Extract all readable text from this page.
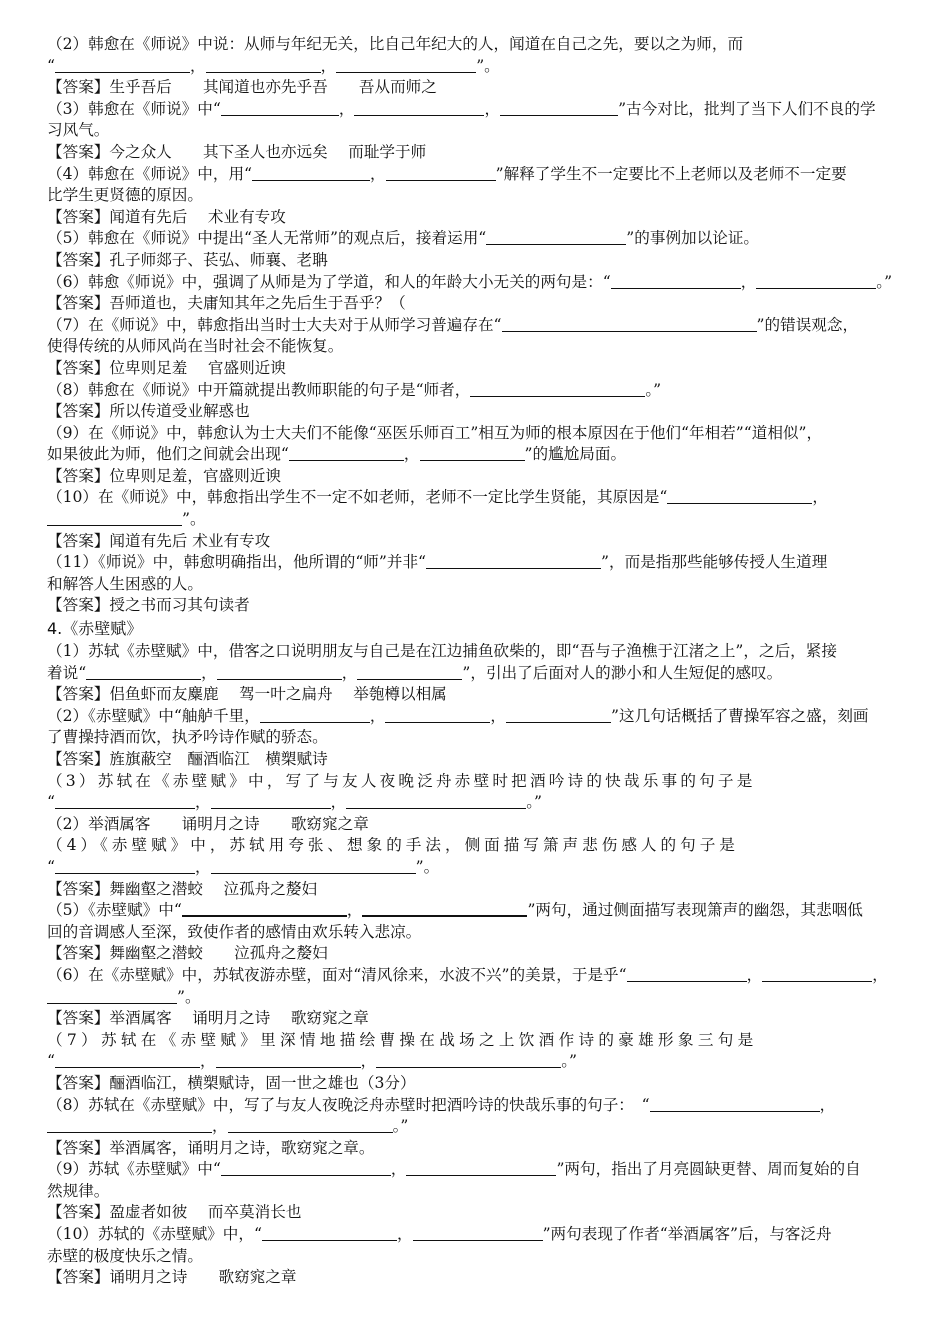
（2）韩愈在《师说》中说：从师与年纪无关，比自己年纪大的人，闻道在自己之先，要以之为师，而
“	，	，	”。
【答案】生乎吾后　　其闻道也亦先乎吾　　吾从而师之
（3）韩愈在《师说》中“	，	，	”古今对比，批判了当下人们不良的学
习风气。
【答案】今之众人　　其下圣人也亦远矣　 而耻学于师
（4）韩愈在《师说》中，用“	，	”解释了学生不一定要比不上老师以及老师不一定要
比学生更贤德的原因。
【答案】闻道有先后　 术业有专攻
（5）韩愈在《师说》中提出“圣人无常师”的观点后，接着运用“	”的事例加以论证。
【答案】孔子师郯子、苌弘、师襄、老聃
（6）韩愈《师说》中，强调了从师是为了学道，和人的年龄大小无关的两句是：“	，	。”
【答案】吾师道也，夫庸知其年之先后生于吾乎？（
（7）在《师说》中，韩愈指出当时士大夫对于从师学习普遍存在“	”的错误观念，
使得传统的从师风尚在当时社会不能恢复。
【答案】位卑则足羞　 官盛则近谀
（8）韩愈在《师说》中开篇就提出教师职能的句子是“师者，	。”
【答案】所以传道受业解惑也
（9）在《师说》中，韩愈认为士大夫们不能像“巫医乐师百工”相互为师的根本原因在于他们“年相若”“道相似”，
如果彼此为师，他们之间就会出现“	，	”的尴尬局面。
【答案】位卑则足羞，官盛则近谀
（10）在《师说》中，韩愈指出学生不一定不如老师，老师不一定比学生贤能，其原因是“	，
”。
【答案】闻道有先后 术业有专攻
（11）《师说》中，韩愈明确指出，他所谓的“师”并非“	”，而是指那些能够传授人生道理
和解答人生困惑的人。
【答案】授之书而习其句读者
4.《赤壁赋》
（1）苏轼《赤壁赋》中，借客之口说明朋友与自己是在江边捕鱼砍柴的，即“吾与子渔樵于江渚之上”，之后，紧接
着说“	，	，	”，引出了后面对人的渺小和人生短促的感叹。
【答案】侣鱼虾而友麋鹿　 驾一叶之扁舟　 举匏樽以相属
（2）《赤壁赋》中“舳舻千里，	，	，	”这几句话概括了曹操军容之盛，刻画
了曹操持酒而饮，执矛吟诗作赋的骄态。
【答案】旌旗蔽空　酾酒临江　横槊赋诗
（3）苏轼在《赤壁赋》中，写了与友人夜晚泛舟赤壁时把酒吟诗的快哉乐事的句子是
“	，	，	。”
（2）举酒属客　　诵明月之诗　　歌窈窕之章
（4）《赤壁赋》中，苏轼用夸张、想象的手法，侧面描写箫声悲伤感人的句子是
“	，	”。
【答案】舞幽壑之潜蛟　 泣孤舟之嫠妇
（5）《赤壁赋》中“	，	”两句，通过侧面描写表现箫声的幽怨，其悲咽低
回的音调感人至深，致使作者的感情由欢乐转入悲凉。
【答案】舞幽壑之潜蛟　　泣孤舟之嫠妇
（6）在《赤壁赋》中，苏轼夜游赤壁，面对“清风徐来，水波不兴”的美景，于是乎“	，	，
”。
【答案】举酒属客　 诵明月之诗　 歌窈窕之章
（7）苏轼在《赤壁赋》里深情地描绘曹操在战场之上饮酒作诗的豪雄形象三句是
“	，	，	。”
【答案】酾酒临江，横槊赋诗，固一世之雄也（3分）
（8）苏轼在《赤壁赋》中，写了与友人夜晚泛舟赤壁时把酒吟诗的快哉乐事的句子：　“	，
，	。”
【答案】举酒属客，诵明月之诗，歌窈窕之章。
（9）苏轼《赤壁赋》中“	，	”两句，指出了月亮圆缺更替、周而复始的自
然规律。
【答案】盈虚者如彼　 而卒莫消长也
（10）苏轼的《赤壁赋》中，“	，	”两句表现了作者“举酒属客”后，与客泛舟
赤壁的极度快乐之情。
【答案】诵明月之诗　　歌窈窕之章
